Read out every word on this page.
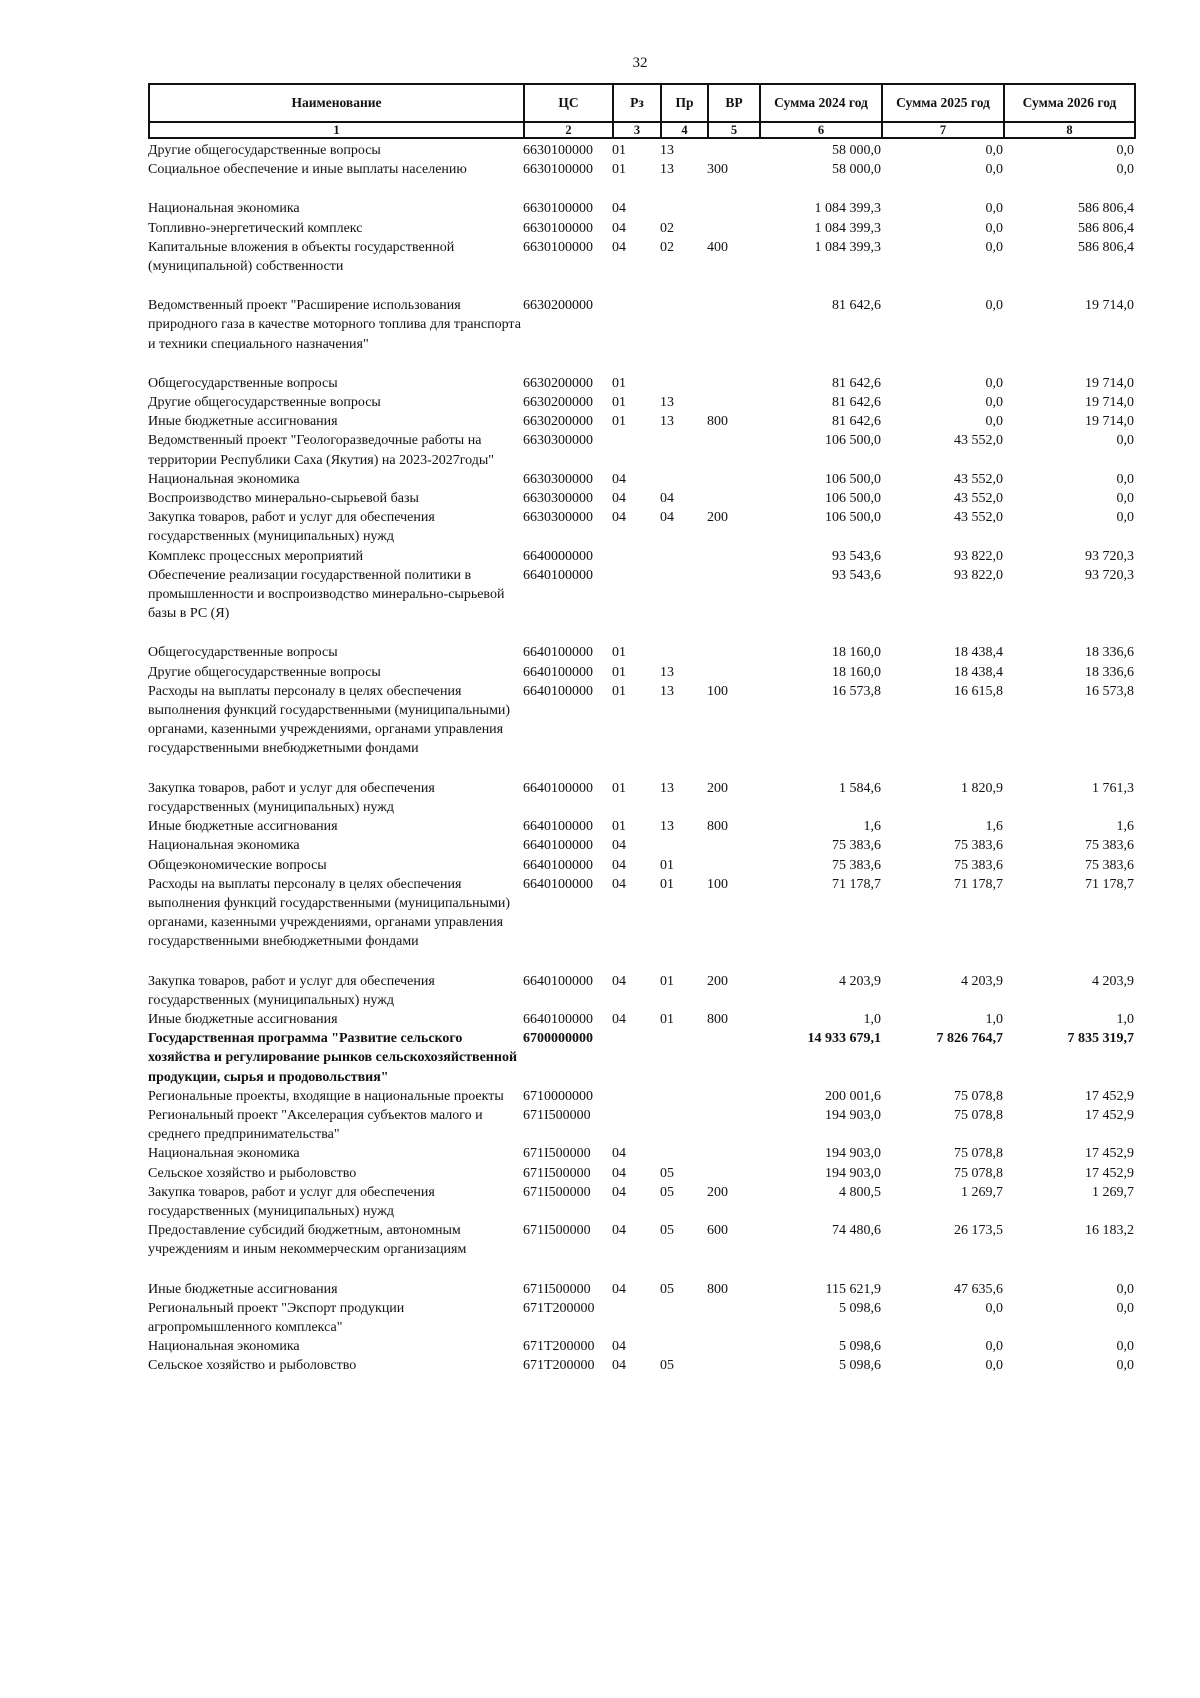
32
Наименование	ЦС	Рз	Пр	ВР	Сумма 2024 год	Сумма 2025 год	Сумма 2026 год
1	2	3	4	5	6	7	8
Другие общегосударственные вопросы	6630100000	01	13		58 000,0	0,0	0,0
Социальное обеспечение и иные выплаты населению	6630100000	01	13	300	58 000,0	0,0	0,0
Национальная экономика	6630100000	04			1 084 399,3	0,0	586 806,4
Топливно-энергетический комплекс	6630100000	04	02		1 084 399,3	0,0	586 806,4
Капитальные вложения в объекты государственной (муниципальной) собственности	6630100000	04	02	400	1 084 399,3	0,0	586 806,4
Ведомственный проект "Расширение использования природного газа в качестве моторного топлива для транспорта и техники специального назначения"	6630200000				81 642,6	0,0	19 714,0
Общегосударственные вопросы	6630200000	01			81 642,6	0,0	19 714,0
Другие общегосударственные вопросы	6630200000	01	13		81 642,6	0,0	19 714,0
Иные бюджетные ассигнования	6630200000	01	13	800	81 642,6	0,0	19 714,0
Ведомственный проект "Геологоразведочные работы на территории Республики Саха (Якутия) на 2023-2027годы"	6630300000				106 500,0	43 552,0	0,0
Национальная экономика	6630300000	04			106 500,0	43 552,0	0,0
Воспроизводство минерально-сырьевой базы	6630300000	04	04		106 500,0	43 552,0	0,0
Закупка товаров, работ и услуг для обеспечения государственных (муниципальных) нужд	6630300000	04	04	200	106 500,0	43 552,0	0,0
Комплекс процессных мероприятий	6640000000				93 543,6	93 822,0	93 720,3
Обеспечение реализации государственной политики в промышленности и воспроизводство минерально-сырьевой базы в РС (Я)	6640100000				93 543,6	93 822,0	93 720,3
Общегосударственные вопросы	6640100000	01			18 160,0	18 438,4	18 336,6
Другие общегосударственные вопросы	6640100000	01	13		18 160,0	18 438,4	18 336,6
Расходы на выплаты персоналу в целях обеспечения выполнения функций государственными (муниципальными) органами, казенными учреждениями, органами управления государственными внебюджетными фондами	6640100000	01	13	100	16 573,8	16 615,8	16 573,8
Закупка товаров, работ и услуг для обеспечения государственных (муниципальных) нужд	6640100000	01	13	200	1 584,6	1 820,9	1 761,3
Иные бюджетные ассигнования	6640100000	01	13	800	1,6	1,6	1,6
Национальная экономика	6640100000	04			75 383,6	75 383,6	75 383,6
Общеэкономические вопросы	6640100000	04	01		75 383,6	75 383,6	75 383,6
Расходы на выплаты персоналу в целях обеспечения выполнения функций государственными (муниципальными) органами, казенными учреждениями, органами управления государственными внебюджетными фондами	6640100000	04	01	100	71 178,7	71 178,7	71 178,7
Закупка товаров, работ и услуг для обеспечения государственных (муниципальных) нужд	6640100000	04	01	200	4 203,9	4 203,9	4 203,9
Иные бюджетные ассигнования	6640100000	04	01	800	1,0	1,0	1,0
Государственная программа "Развитие сельского хозяйства и регулирование рынков сельскохозяйственной продукции, сырья и продовольствия"	6700000000				14 933 679,1	7 826 764,7	7 835 319,7
Региональные проекты, входящие в национальные проекты	6710000000				200 001,6	75 078,8	17 452,9
Региональный проект "Акселерация субъектов малого и среднего предпринимательства"	671I500000				194 903,0	75 078,8	17 452,9
Национальная экономика	671I500000	04			194 903,0	75 078,8	17 452,9
Сельское хозяйство и рыболовство	671I500000	04	05		194 903,0	75 078,8	17 452,9
Закупка товаров, работ и услуг для обеспечения государственных (муниципальных) нужд	671I500000	04	05	200	4 800,5	1 269,7	1 269,7
Предоставление субсидий бюджетным, автономным учреждениям и иным некоммерческим организациям	671I500000	04	05	600	74 480,6	26 173,5	16 183,2
Иные бюджетные ассигнования	671I500000	04	05	800	115 621,9	47 635,6	0,0
Региональный проект "Экспорт продукции агропромышленного комплекса"	671T200000				5 098,6	0,0	0,0
Национальная экономика	671T200000	04			5 098,6	0,0	0,0
Сельское хозяйство и рыболовство	671T200000	04	05		5 098,6	0,0	0,0
